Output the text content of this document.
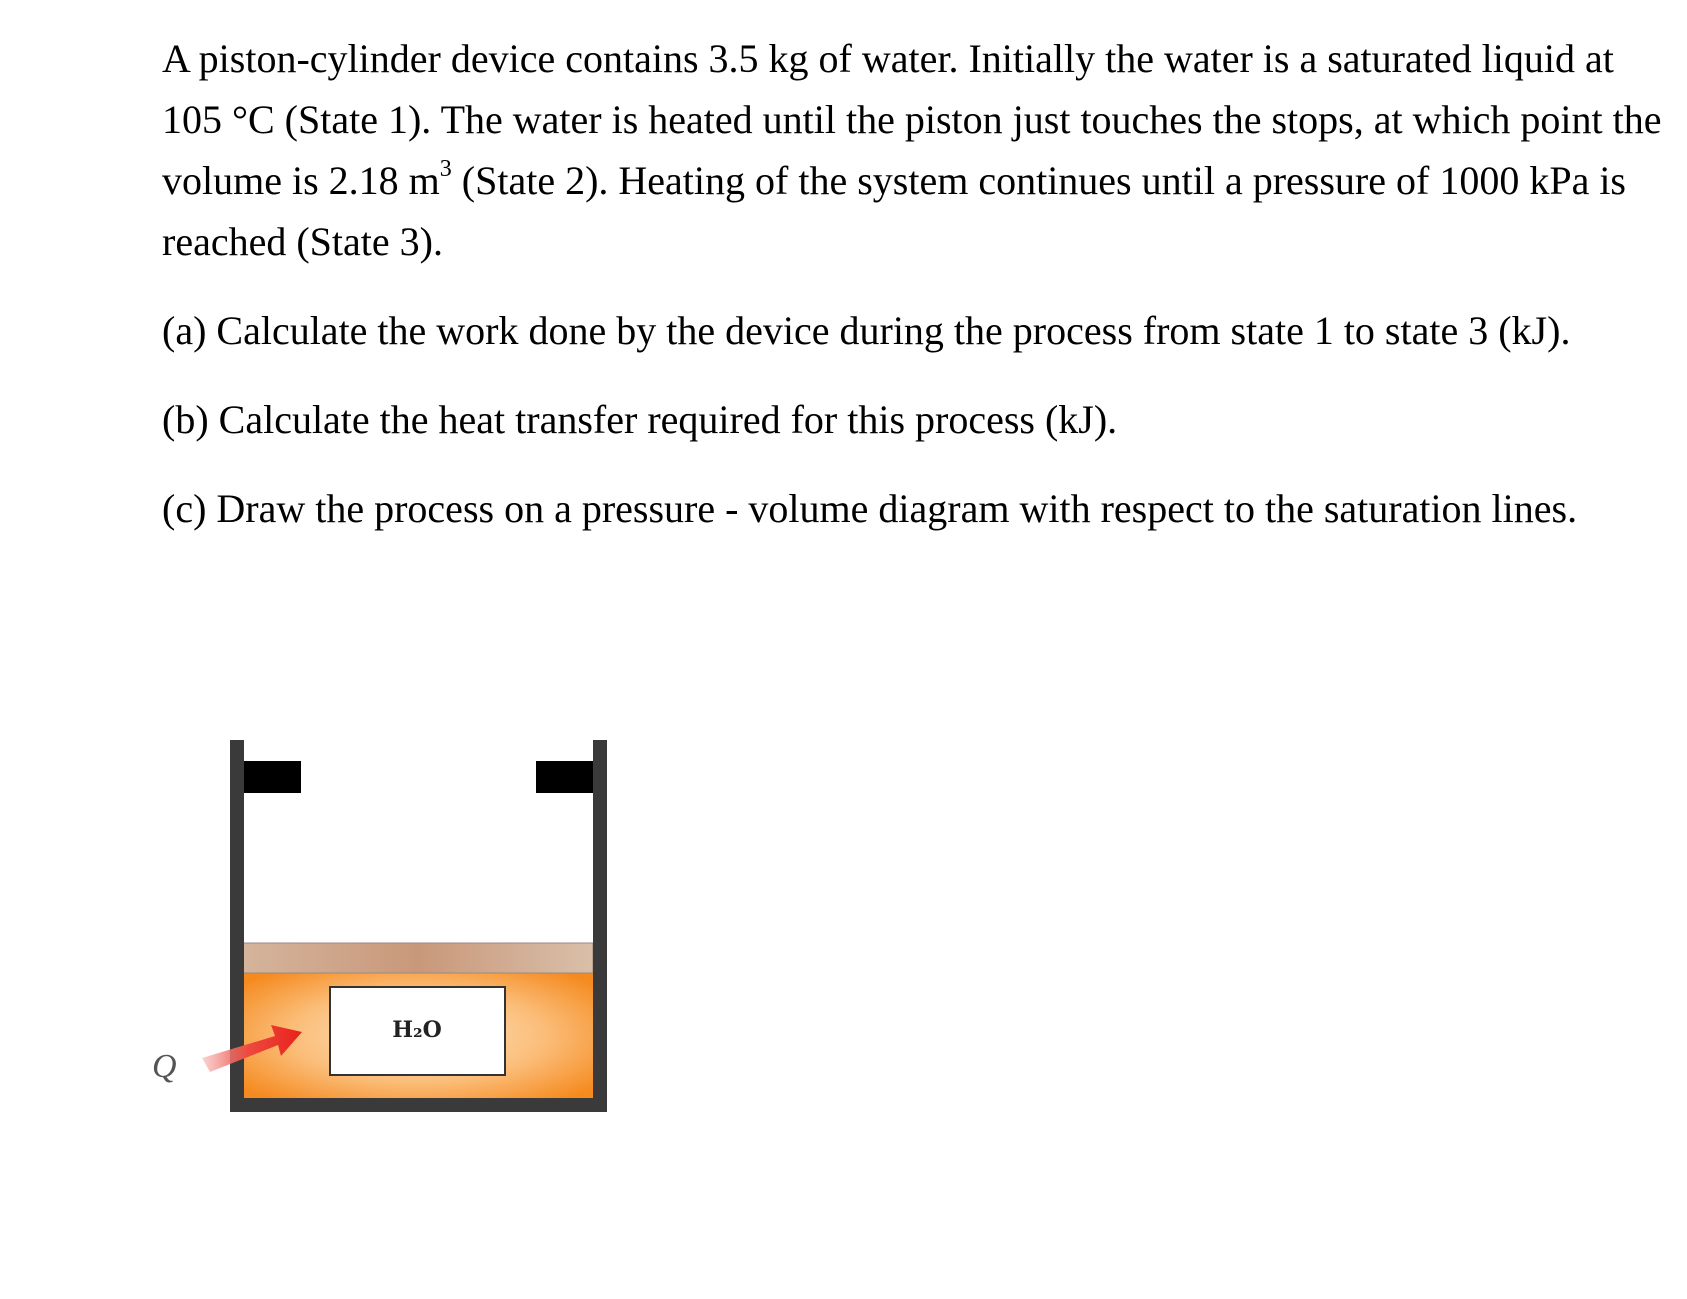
A piston-cylinder device contains 3.5 kg of water. Initially the water is a saturated liquid at 105 °C (State 1). The water is heated until the piston just touches the stops, at which point the volume is 2.18 $m^3$ (State 2). Heating of the system continues until a pressure of 1000 kPa is reached (State 3).

(a) Calculate the work done by the device during the process from state 1 to state 3 (kJ).

(b) Calculate the heat transfer required for this process (kJ).

(c) Draw the process on a pressure - volume diagram with respect to the saturation lines.

H₂O
Q
